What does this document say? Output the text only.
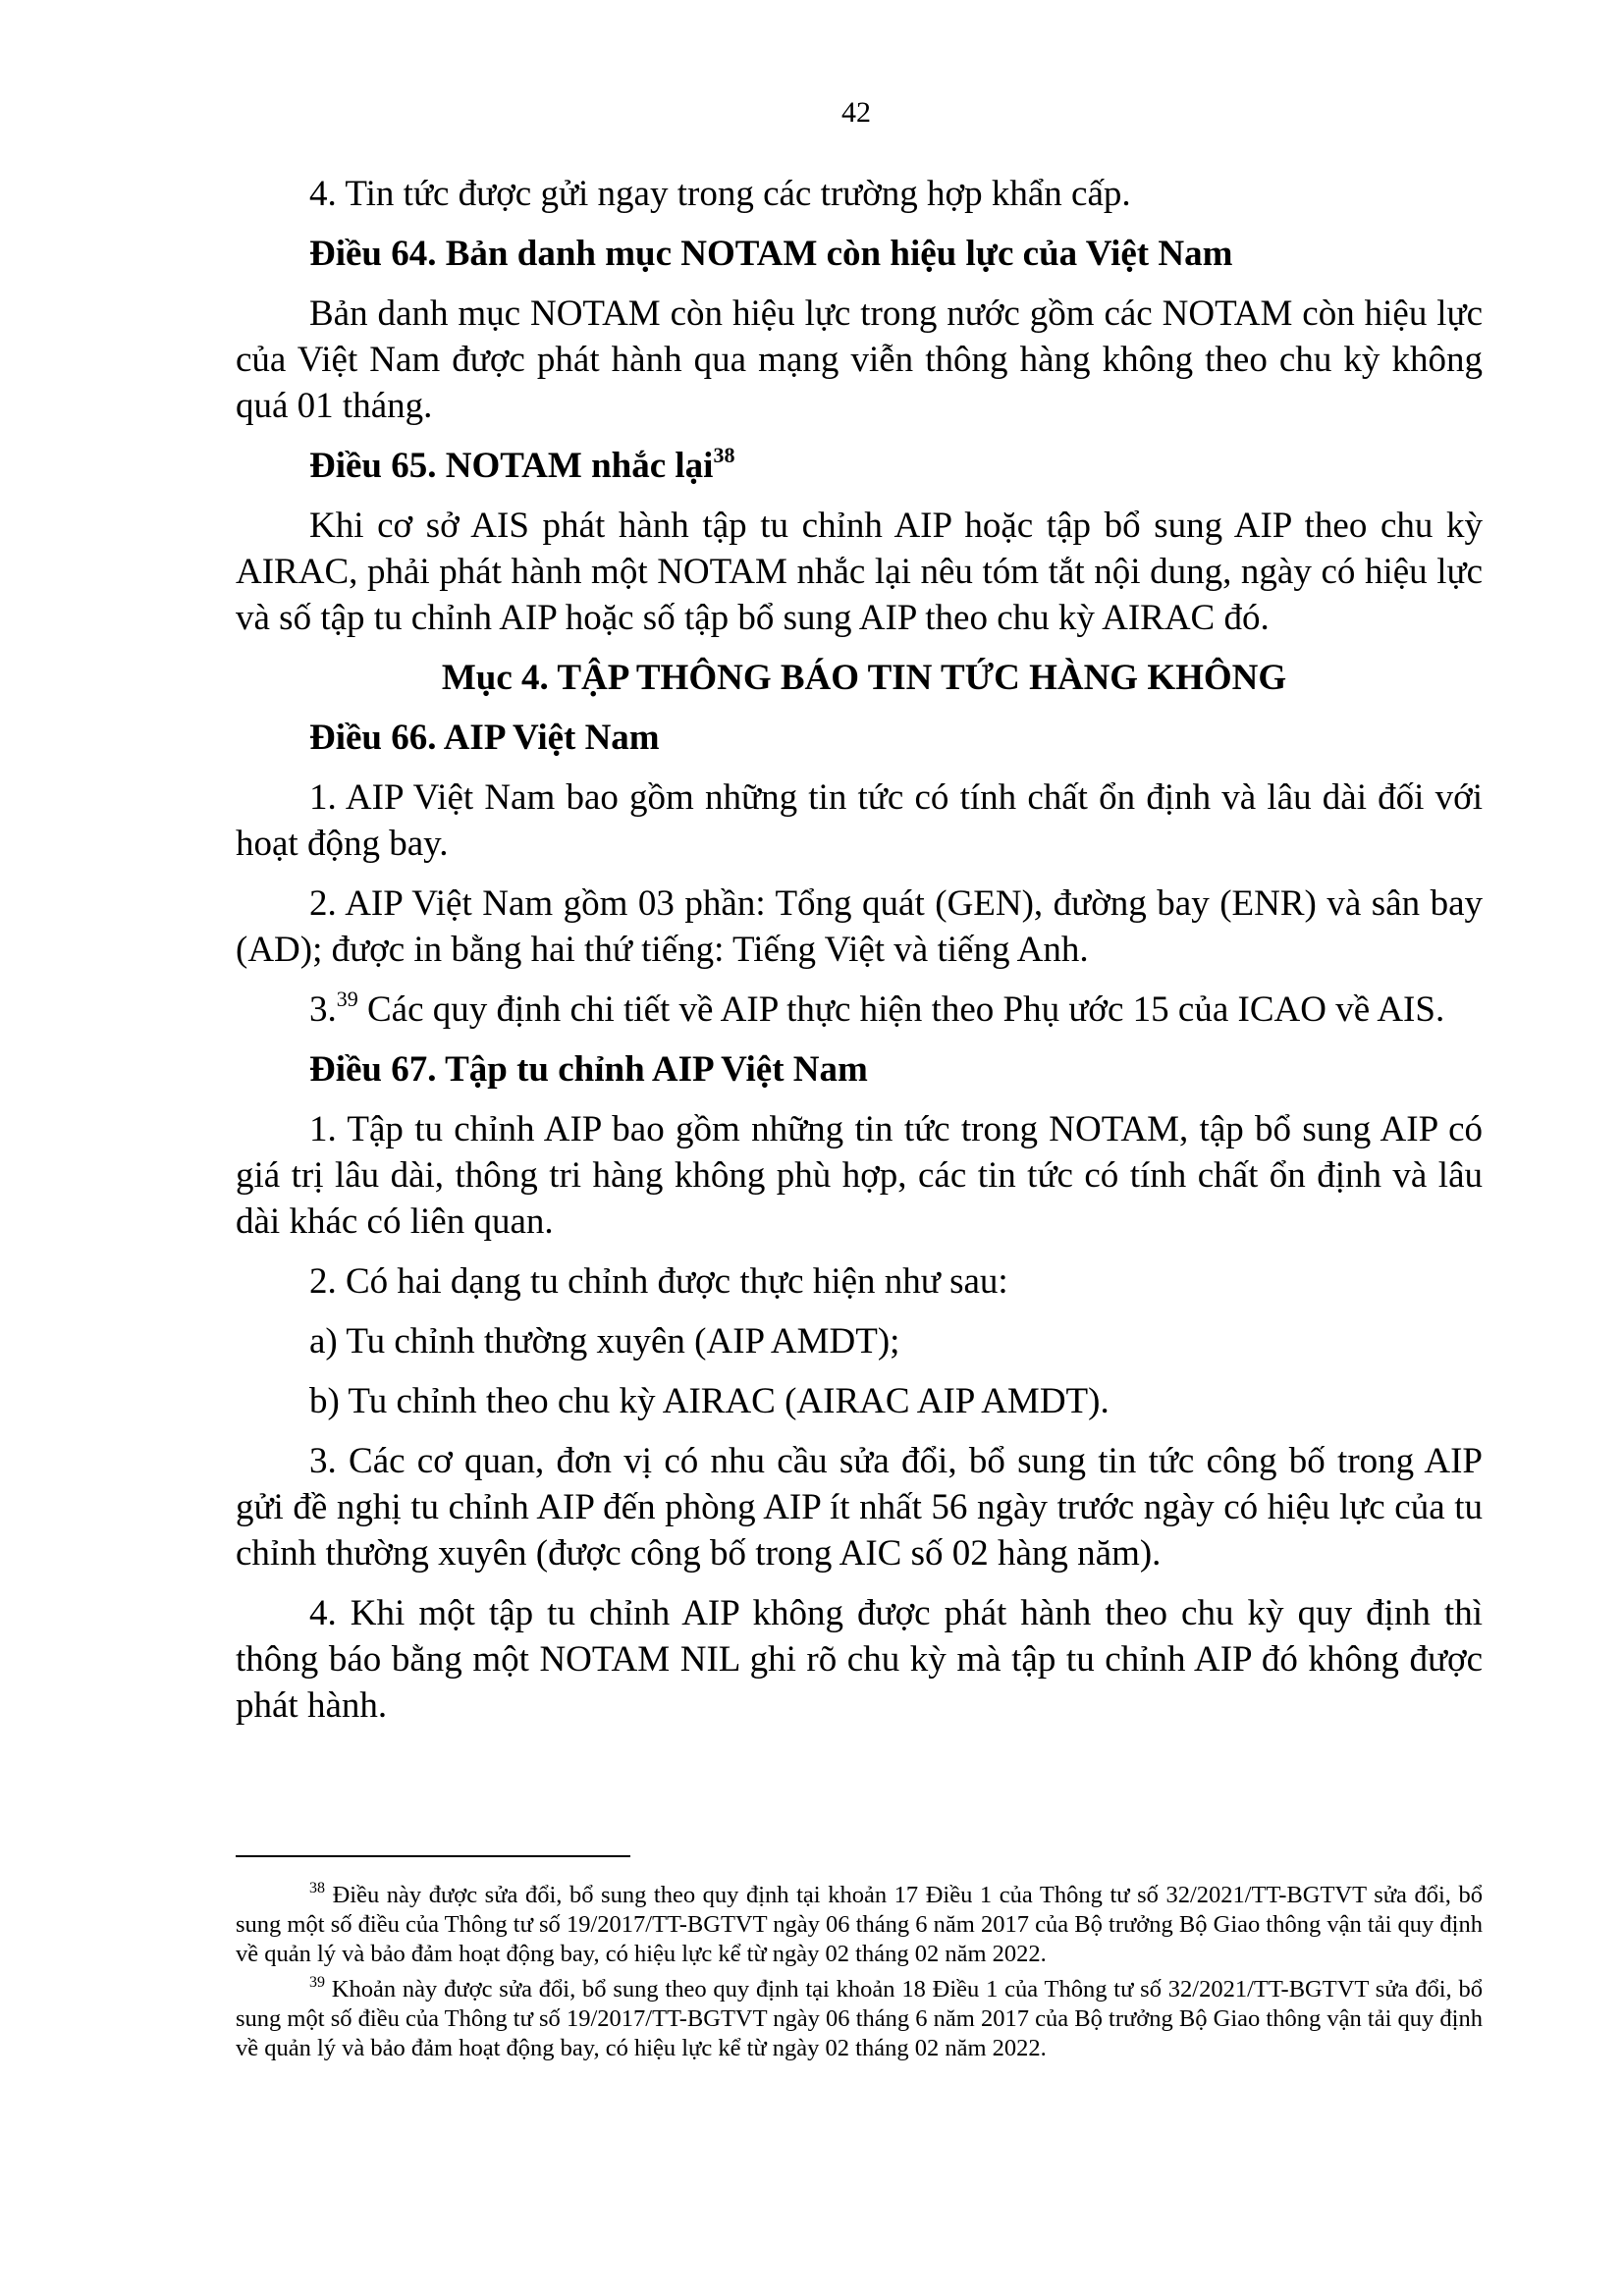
42

4. Tin tức được gửi ngay trong các trường hợp khẩn cấp.

Điều 64. Bản danh mục NOTAM còn hiệu lực của Việt Nam

Bản danh mục NOTAM còn hiệu lực trong nước gồm các NOTAM còn hiệu lực của Việt Nam được phát hành qua mạng viễn thông hàng không theo chu kỳ không quá 01 tháng.

Điều 65. NOTAM nhắc lại$^{38}$

Khi cơ sở AIS phát hành tập tu chỉnh AIP hoặc tập bổ sung AIP theo chu kỳ AIRAC, phải phát hành một NOTAM nhắc lại nêu tóm tắt nội dung, ngày có hiệu lực và số tập tu chỉnh AIP hoặc số tập bổ sung AIP theo chu kỳ AIRAC đó.

Mục 4. TẬP THÔNG BÁO TIN TỨC HÀNG KHÔNG

Điều 66. AIP Việt Nam

1. AIP Việt Nam bao gồm những tin tức có tính chất ổn định và lâu dài đối với hoạt động bay.

2. AIP Việt Nam gồm 03 phần: Tổng quát (GEN), đường bay (ENR) và sân bay (AD); được in bằng hai thứ tiếng: Tiếng Việt và tiếng Anh.

3.39 Các quy định chi tiết về AIP thực hiện theo Phụ ước 15 của ICAO về AIS.

Điều 67. Tập tu chỉnh AIP Việt Nam

1. Tập tu chỉnh AIP bao gồm những tin tức trong NOTAM, tập bổ sung AIP có giá trị lâu dài, thông tri hàng không phù hợp, các tin tức có tính chất ổn định và lâu dài khác có liên quan.

2. Có hai dạng tu chỉnh được thực hiện như sau:

a) Tu chỉnh thường xuyên (AIP AMDT);

b) Tu chỉnh theo chu kỳ AIRAC (AIRAC AIP AMDT).

3. Các cơ quan, đơn vị có nhu cầu sửa đổi, bổ sung tin tức công bố trong AIP gửi đề nghị tu chỉnh AIP đến phòng AIP ít nhất 56 ngày trước ngày có hiệu lực của tu chỉnh thường xuyên (được công bố trong AIC số 02 hàng năm).

4. Khi một tập tu chỉnh AIP không được phát hành theo chu kỳ quy định thì thông báo bằng một NOTAM NIL ghi rõ chu kỳ mà tập tu chỉnh AIP đó không được phát hành.

$^{38}$ Điều này được sửa đổi, bổ sung theo quy định tại khoản 17 Điều 1 của Thông tư số 32/2021/TT-BGTVT sửa đổi, bổ sung một số điều của Thông tư số 19/2017/TT-BGTVT ngày 06 tháng 6 năm 2017 của Bộ trưởng Bộ Giao thông vận tải quy định về quản lý và bảo đảm hoạt động bay, có hiệu lực kể từ ngày 02 tháng 02 năm 2022.

$^{39}$ Khoản này được sửa đổi, bổ sung theo quy định tại khoản 18 Điều 1 của Thông tư số 32/2021/TT-BGTVT sửa đổi, bổ sung một số điều của Thông tư số 19/2017/TT-BGTVT ngày 06 tháng 6 năm 2017 của Bộ trưởng Bộ Giao thông vận tải quy định về quản lý và bảo đảm hoạt động bay, có hiệu lực kể từ ngày 02 tháng 02 năm 2022.
